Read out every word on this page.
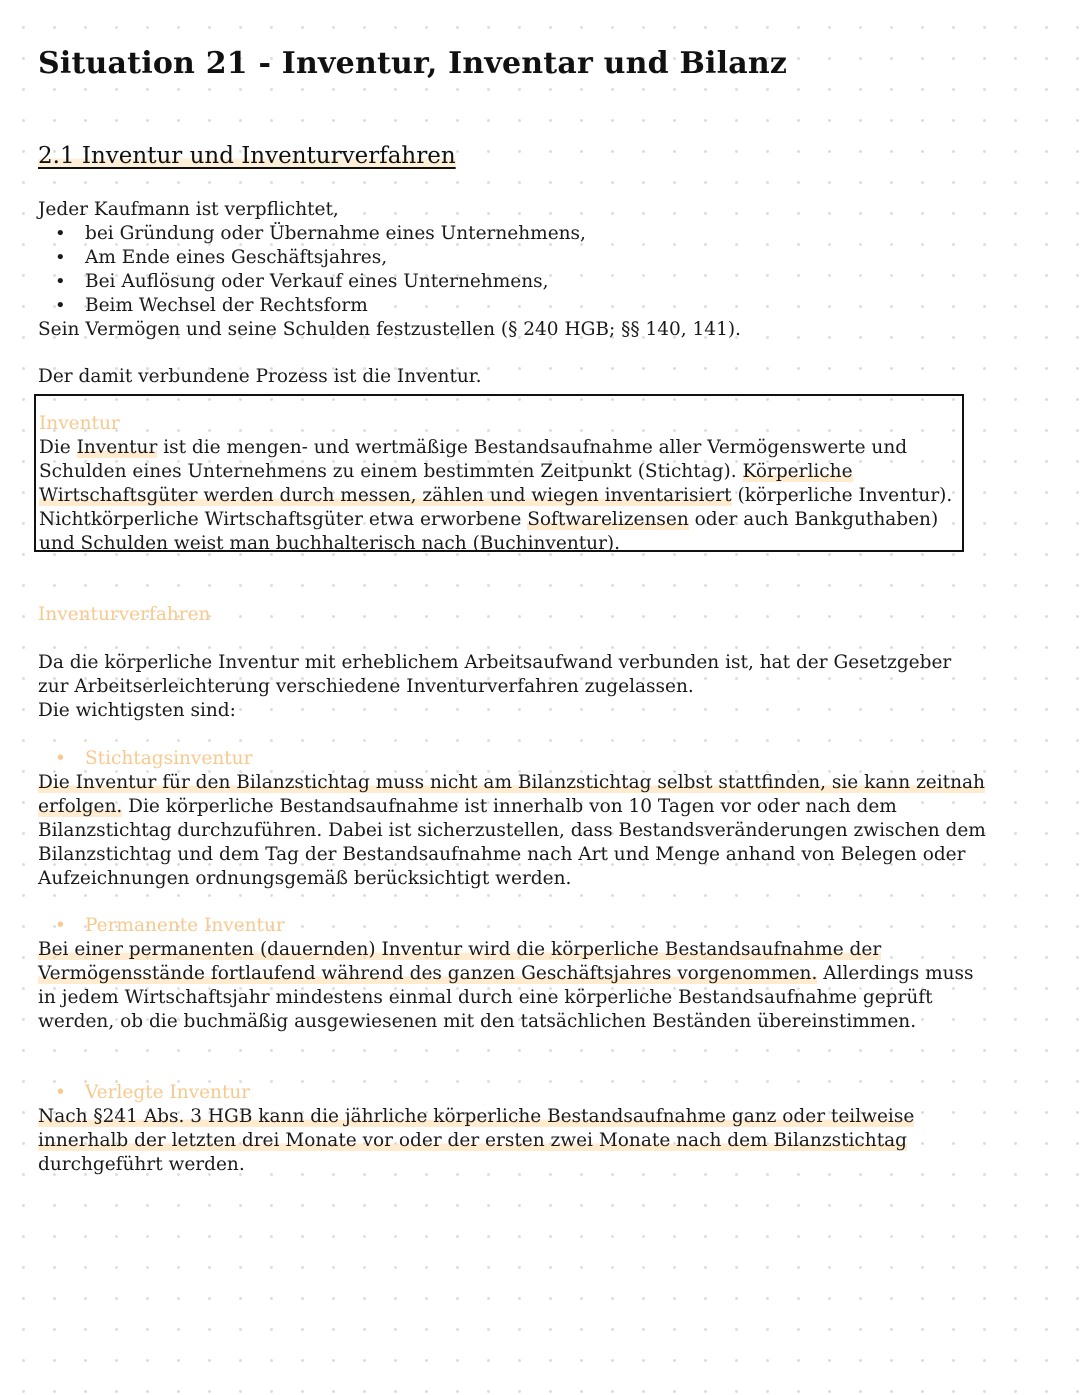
Situation 21 - Inventur, Inventar und Bilanz
2.1 Inventur und Inventurverfahren

Jeder Kaufmann ist verpflichtet,

• bei Gründung oder Übernahme eines Unternehmens,
• Am Ende eines Geschäftsjahres,
• Bei Auflösung oder Verkauf eines Unternehmens,
• Beim Wechsel der Rechtsform

Sein Vermögen und seine Schulden festzustellen (§ 240 HGB; §§ 140, 141).

Der damit verbundene Prozess ist die Inventur.

Inventur

Die Inventur ist die mengen- und wertmäßige Bestandsaufnahme aller Vermögenswerte und Schulden eines Unternehmens zu einem bestimmten Zeitpunkt (Stichtag). Körperliche Wirtschaftsgüter werden durch messen, zählen und wiegen inventarisiert (körperliche Inventur). Nichtkörperliche Wirtschaftsgüter etwa erworbene Softwarelizensen oder auch Bankguthaben) und Schulden weist man buchhalterisch nach (Buchinventur).

Inventurverfahren

Da die körperliche Inventur mit erheblichem Arbeitsaufwand verbunden ist, hat der Gesetzgeber zur Arbeitserleichterung verschiedene Inventurverfahren zugelassen.

Die wichtigsten sind:

• Stichtagsinventur

Die Inventur für den Bilanzstichtag muss nicht am Bilanzstichtag selbst stattfinden, sie kann zeitnah erfolgen. Die körperliche Bestandsaufnahme ist innerhalb von 10 Tagen vor oder nach dem Bilanzstichtag durchzuführen. Dabei ist sicherzustellen, dass Bestandsveränderungen zwischen dem Bilanzstichtag und dem Tag der Bestandsaufnahme nach Art und Menge anhand von Belegen oder Aufzeichnungen ordnungsgemäß berücksichtigt werden.

• Permanente Inventur

Bei einer permanenten (dauernden) Inventur wird die körperliche Bestandsaufnahme der Vermögensstände fortlaufend während des ganzen Geschäftsjahres vorgenommen. Allerdings muss in jedem Wirtschaftsjahr mindestens einmal durch eine körperliche Bestandsaufnahme geprüft werden, ob die buchmäßig ausgewiesenen mit den tatsächlichen Beständen übereinstimmen.

• Verlegte Inventur

Nach §241 Abs. 3 HGB kann die jährliche körperliche Bestandsaufnahme ganz oder teilweise innerhalb der letzten drei Monate vor oder der ersten zwei Monate nach dem Bilanzstichtag durchgeführt werden.
